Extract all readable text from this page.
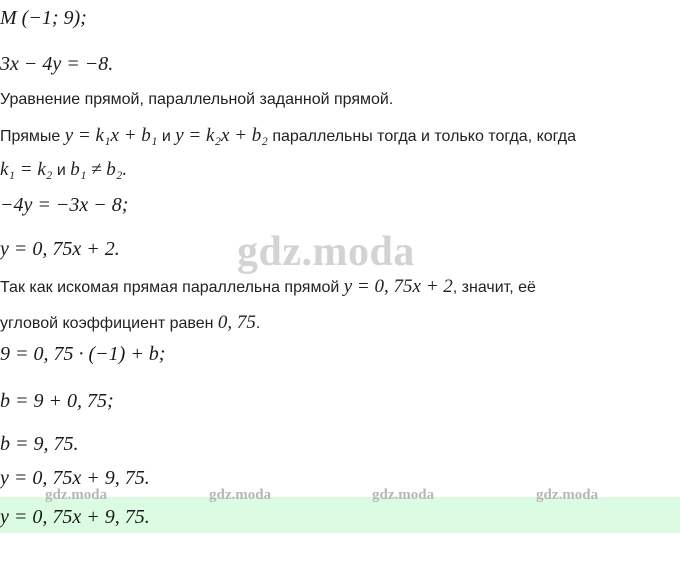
gdz.moda
M (−1; 9);
3x − 4y = −8.
Уравнение прямой, параллельной заданной прямой.
Прямые y = k₁x + b₁ и y = k₂x + b₂ параллельны тогда и только тогда, когда
k₁ = k₂ и b₁ ≠ b₂.
−4y = −3x − 8;
y = 0, 75x + 2.
Так как искомая прямая параллельна прямой y = 0, 75x + 2, значит, её
угловой коэффициент равен 0, 75.
9 = 0, 75 · (−1) + b;
b = 9 + 0, 75;
b = 9, 75.
y = 0, 75x + 9, 75.
gdz.moda	gdz.moda	gdz.moda	gdz.moda
y = 0, 75x + 9, 75.
